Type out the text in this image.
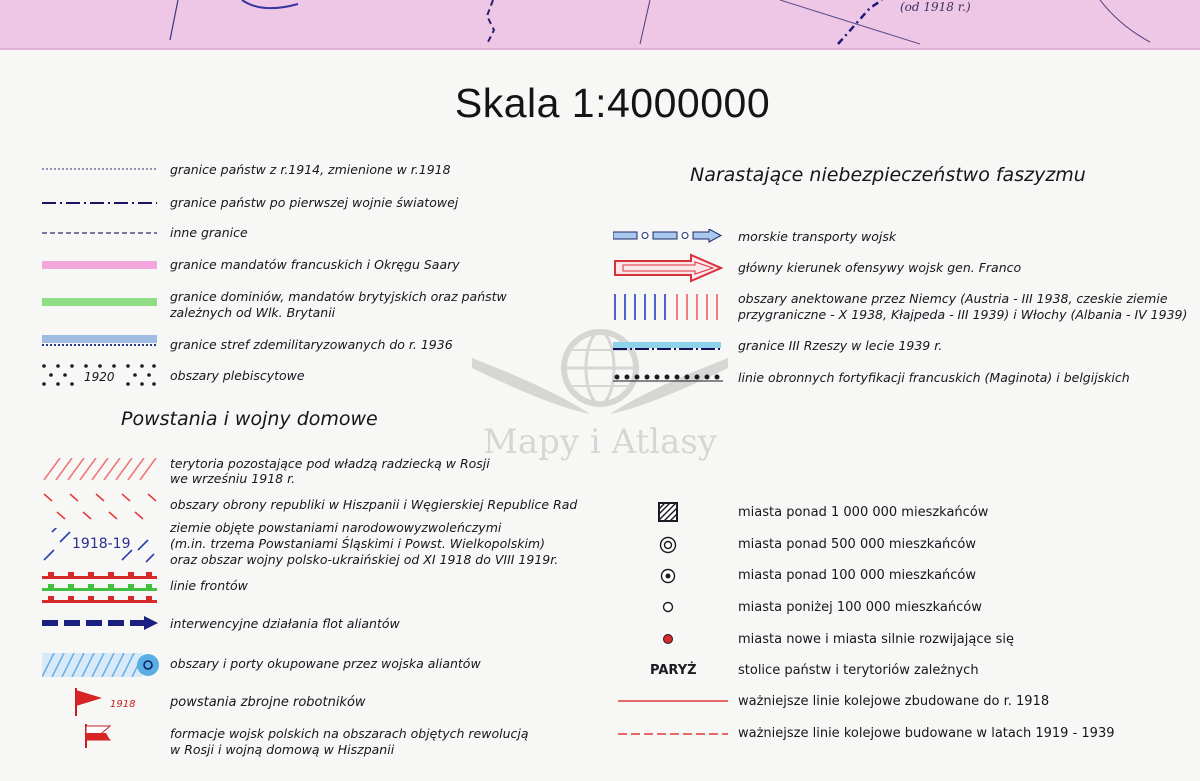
(od 1918 r.)
Skala 1:4000000
Mapy i Atlasy
granice państw z r.1914, zmienione w r.1918
granice państw po pierwszej wojnie światowej
inne granice
granice mandatów francuskich i Okręgu Saary
granice dominiów, mandatów brytyjskich oraz państw
zależnych od Wlk. Brytanii
granice stref zdemilitaryzowanych do r. 1936
1920	obszary plebiscytowe
Powstania i wojny domowe
terytoria pozostające pod władzą radziecką w Rosji
we wrześniu 1918 r.
obszary obrony republiki w Hiszpanii i Węgierskiej Republice Rad
1918-19
ziemie objęte powstaniami narodowowyzwoleńczymi
(m.in. trzema Powstaniami Śląskimi i Powst. Wielkopolskim)
oraz obszar wojny polsko-ukraińskiej od XI 1918 do VIII 1919r.
linie frontów
interwencyjne działania flot aliantów
obszary i porty okupowane przez wojska aliantów
1918	powstania zbrojne robotników
formacje wojsk polskich na obszarach objętych rewolucją
w Rosji i wojną domową w Hiszpanii
Narastające niebezpieczeństwo faszyzmu
morskie transporty wojsk
główny kierunek ofensywy wojsk gen. Franco
obszary anektowane przez Niemcy (Austria - III 1938, czeskie ziemie
przygraniczne - X 1938, Kłajpeda - III 1939) i Włochy (Albania - IV 1939)
granice III Rzeszy w lecie 1939 r.
linie obronnych fortyfikacji francuskich (Maginota) i belgijskich
miasta ponad 1 000 000 mieszkańców
miasta ponad 500 000 mieszkańców
miasta ponad 100 000 mieszkańców
miasta poniżej 100 000 mieszkańców
miasta nowe i miasta silnie rozwijające się
PARYŻ	stolice państw i terytoriów zależnych
ważniejsze linie kolejowe zbudowane do r. 1918
ważniejsze linie kolejowe budowane w latach 1919 - 1939
